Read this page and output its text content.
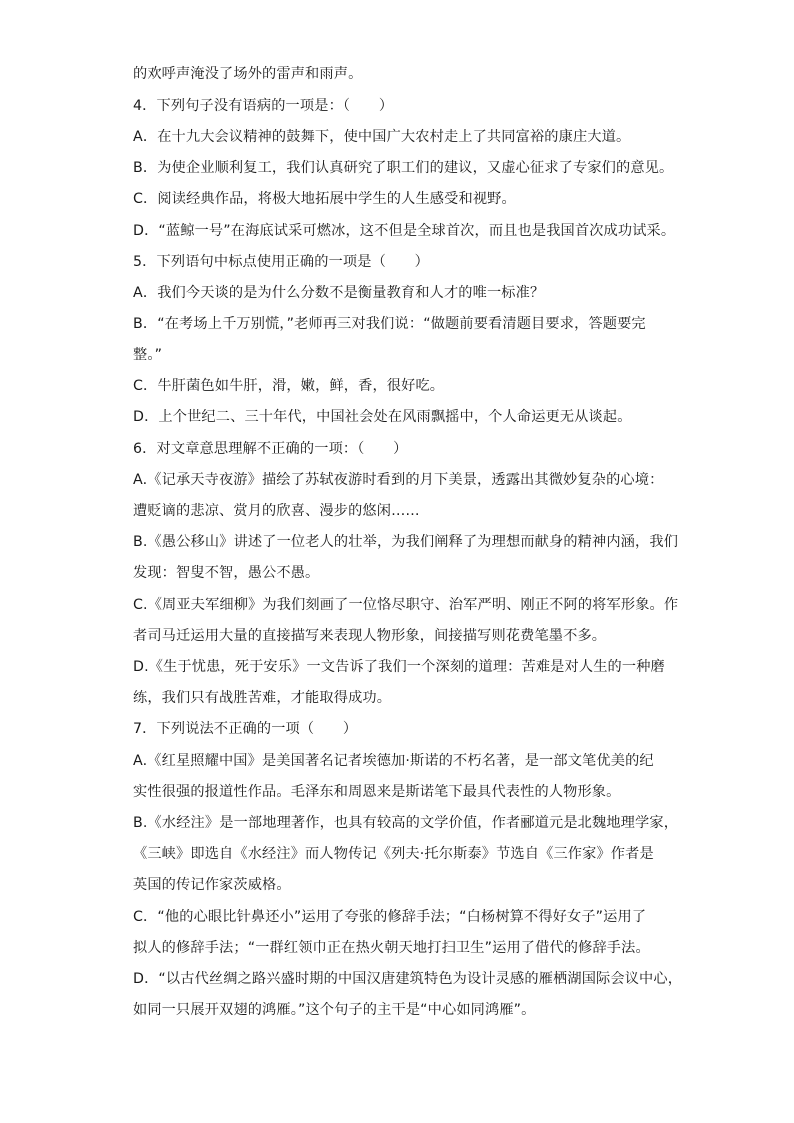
的欢呼声淹没了场外的雷声和雨声。
4．下列句子没有语病的一项是：（　　）
A．在十九大会议精神的鼓舞下，使中国广大农村走上了共同富裕的康庄大道。
B．为使企业顺利复工，我们认真研究了职工们的建议，又虚心征求了专家们的意见。
C．阅读经典作品，将极大地拓展中学生的人生感受和视野。
D．“蓝鲸一号”在海底试采可燃冰，这不但是全球首次，而且也是我国首次成功试采。
5．下列语句中标点使用正确的一项是（　　）
A．我们今天谈的是为什么分数不是衡量教育和人才的唯一标准？
B．“在考场上千万别慌，”老师再三对我们说：“做题前要看清题目要求，答题要完
整。”
C．牛肝菌色如牛肝，滑，嫩，鲜，香，很好吃。
D．上个世纪二、三十年代，中国社会处在风雨飘摇中，个人命运更无从谈起。
6．对文章意思理解不正确的一项：（　　）
A.《记承天寺夜游》描绘了苏轼夜游时看到的月下美景，透露出其微妙复杂的心境：
遭贬谪的悲凉、赏月的欣喜、漫步的悠闲……
B.《愚公移山》讲述了一位老人的壮举，为我们阐释了为理想而献身的精神内涵，我们
发现：智叟不智，愚公不愚。
C.《周亚夫军细柳》为我们刻画了一位恪尽职守、治军严明、刚正不阿的将军形象。作
者司马迁运用大量的直接描写来表现人物形象，间接描写则花费笔墨不多。
D.《生于忧患，死于安乐》一文告诉了我们一个深刻的道理：苦难是对人生的一种磨
练，我们只有战胜苦难，才能取得成功。
7．下列说法不正确的一项（　　）
A.《红星照耀中国》是美国著名记者埃德加·斯诺的不朽名著，是一部文笔优美的纪
实性很强的报道性作品。毛泽东和周恩来是斯诺笔下最具代表性的人物形象。
B.《水经注》是一部地理著作，也具有较高的文学价值，作者郦道元是北魏地理学家，
《三峡》即选自《水经注》而人物传记《列夫·托尔斯泰》节选自《三作家》作者是
英国的传记作家茨威格。
C．“他的心眼比针鼻还小”运用了夸张的修辞手法；“白杨树算不得好女子”运用了
拟人的修辞手法；“一群红领巾正在热火朝天地打扫卫生”运用了借代的修辞手法。
D．“以古代丝绸之路兴盛时期的中国汉唐建筑特色为设计灵感的雁栖湖国际会议中心，
如同一只展开双翅的鸿雁。”这个句子的主干是“中心如同鸿雁”。
